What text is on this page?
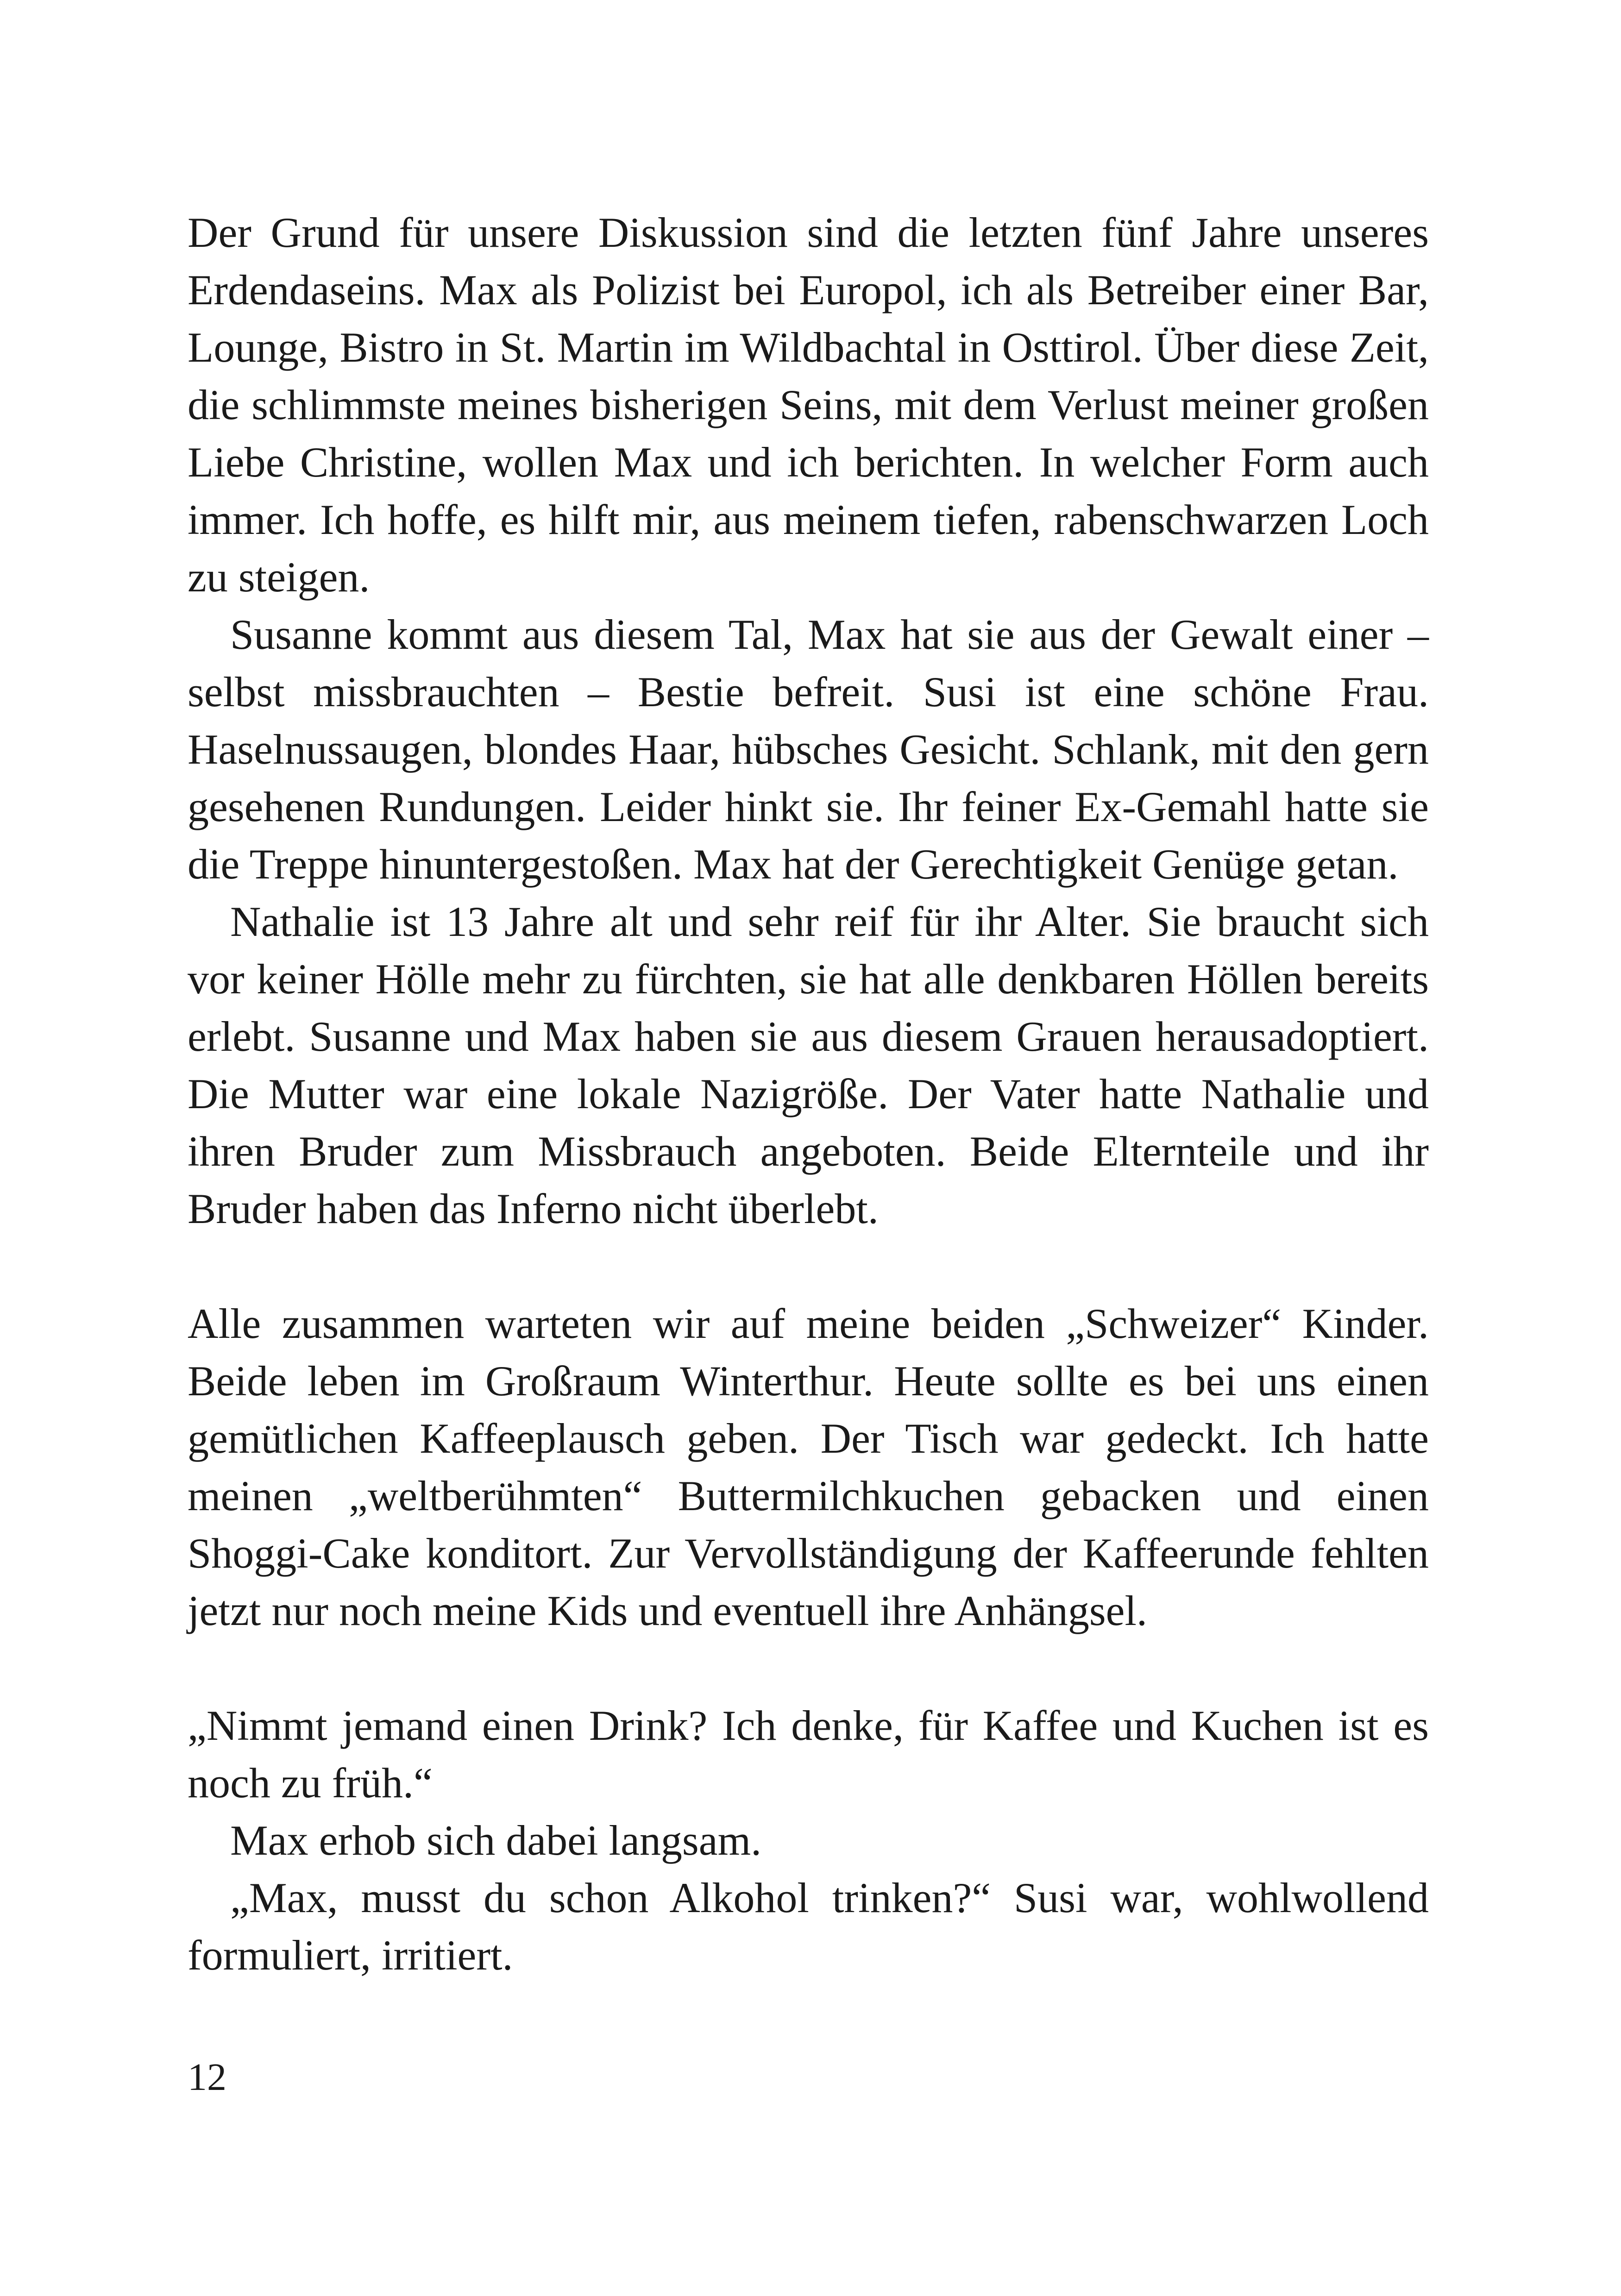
Der Grund für unsere Diskussion sind die letzten fünf Jahre unseres Erdendaseins. Max als Polizist bei Europol, ich als Betreiber einer Bar, Lounge, Bistro in St. Martin im Wildbachtal in Osttirol. Über diese Zeit, die schlimmste meines bisherigen Seins, mit dem Verlust meiner großen Liebe Christine, wollen Max und ich berichten. In welcher Form auch immer. Ich hoffe, es hilft mir, aus meinem tiefen, rabenschwarzen Loch zu steigen.

Susanne kommt aus diesem Tal, Max hat sie aus der Gewalt einer – selbst missbrauchten – Bestie befreit. Susi ist eine schöne Frau. Haselnussaugen, blondes Haar, hübsches Gesicht. Schlank, mit den gern gesehenen Rundungen. Leider hinkt sie. Ihr feiner Ex-Gemahl hatte sie die Treppe hinuntergestoßen. Max hat der Gerechtigkeit Genüge getan.

Nathalie ist 13 Jahre alt und sehr reif für ihr Alter. Sie braucht sich vor keiner Hölle mehr zu fürchten, sie hat alle denkbaren Höllen bereits erlebt. Susanne und Max haben sie aus diesem Grauen herausadoptiert. Die Mutter war eine lokale Nazigröße. Der Vater hatte Nathalie und ihren Bruder zum Missbrauch angeboten. Beide Elternteile und ihr Bruder haben das Inferno nicht überlebt.

Alle zusammen warteten wir auf meine beiden „Schweizer“ Kinder. Beide leben im Großraum Winterthur. Heute sollte es bei uns einen gemütlichen Kaffeeplausch geben. Der Tisch war gedeckt. Ich hatte meinen „weltberühmten“ Buttermilchkuchen gebacken und einen Shoggi-Cake konditort. Zur Vervollständigung der Kaffeerunde fehlten jetzt nur noch meine Kids und eventuell ihre Anhängsel.

„Nimmt jemand einen Drink? Ich denke, für Kaffee und Kuchen ist es noch zu früh.“

Max erhob sich dabei langsam.

„Max, musst du schon Alkohol trinken?“ Susi war, wohlwollend formuliert, irritiert.

12
